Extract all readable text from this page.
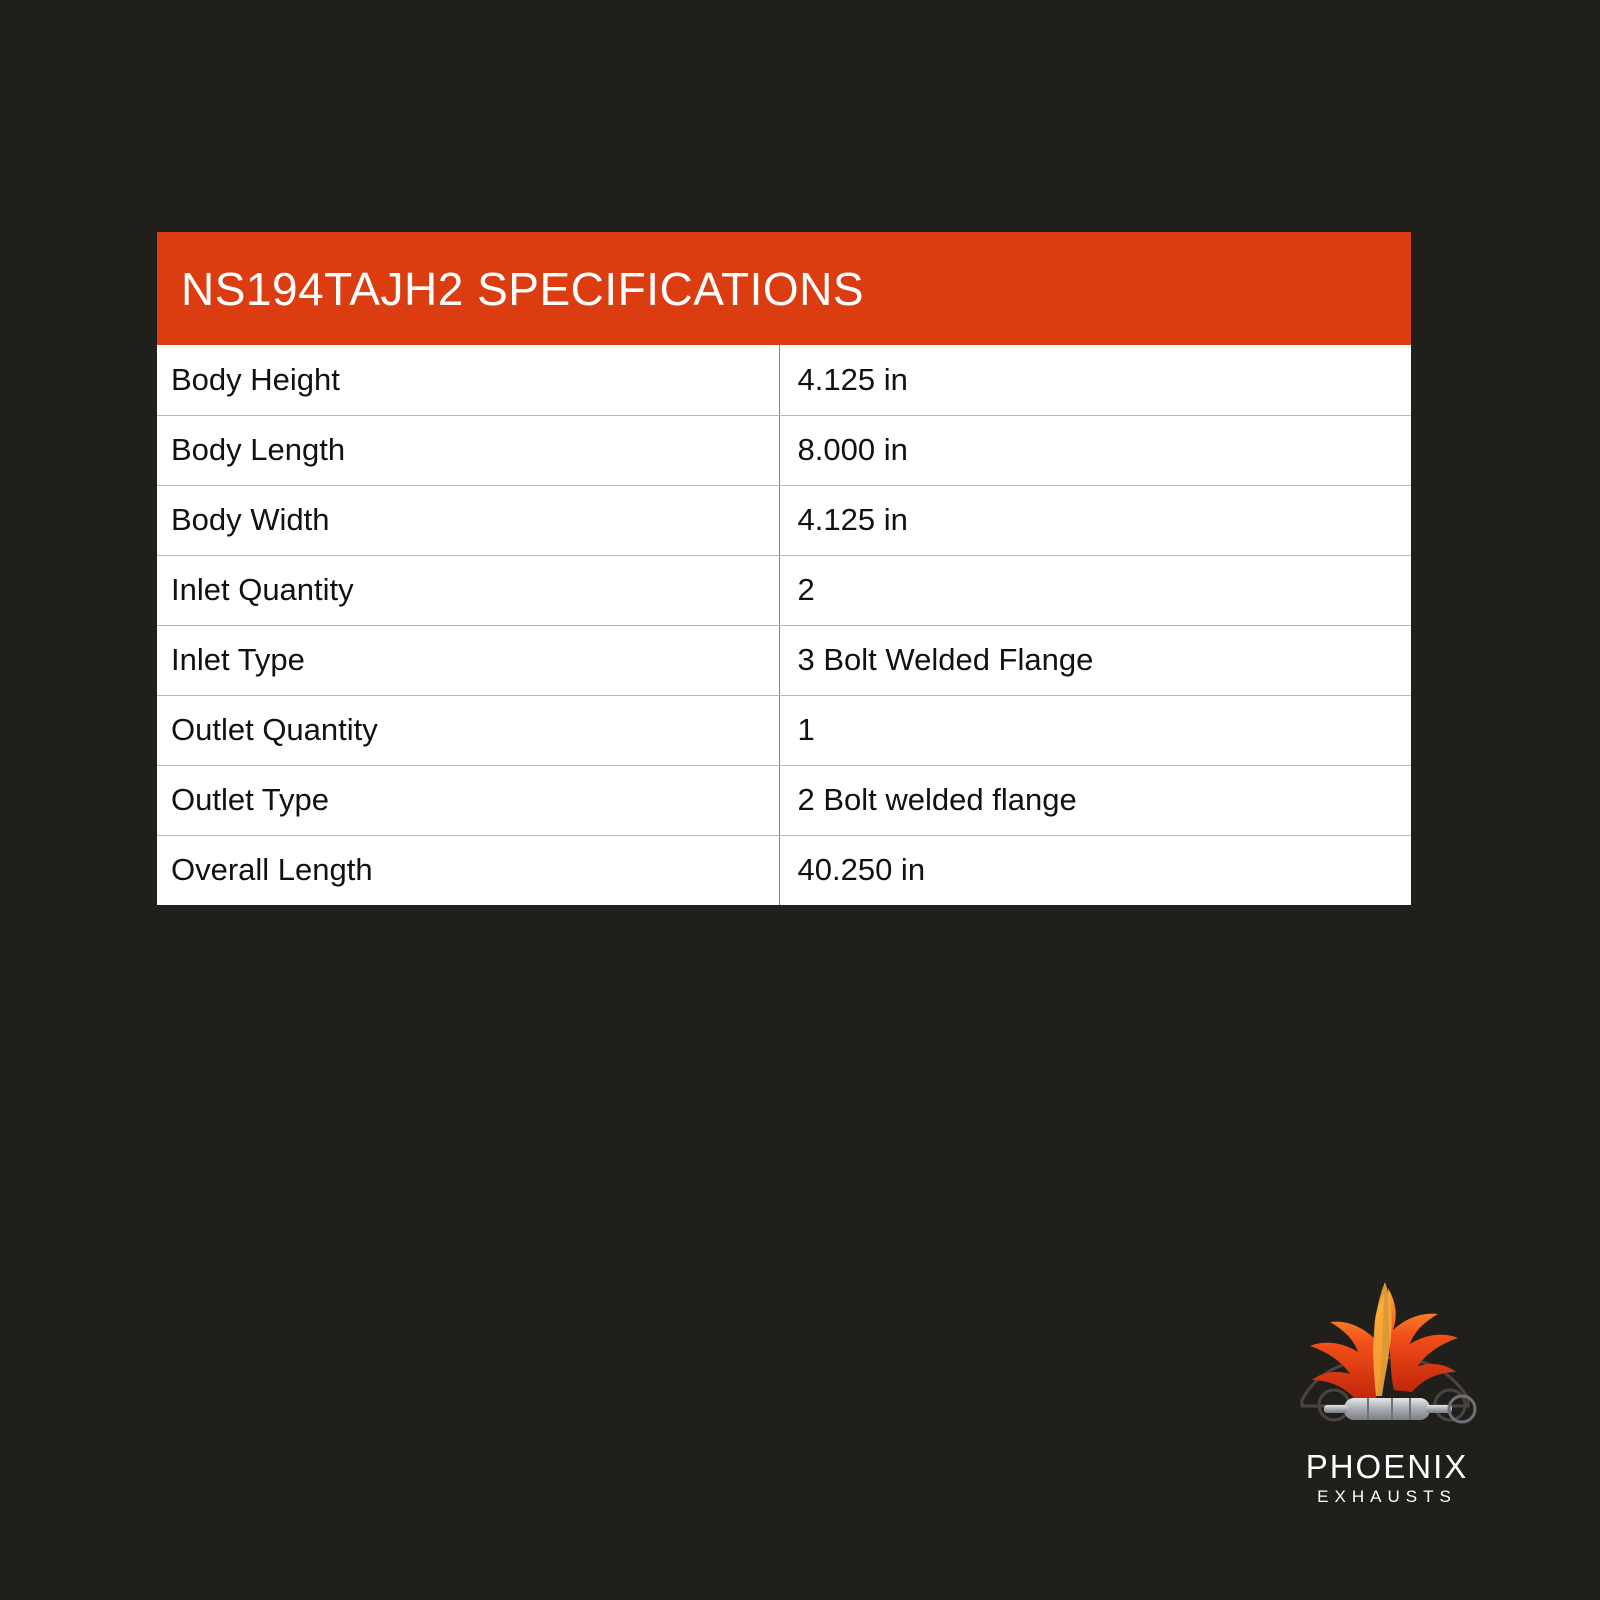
NS194TAJH2 SPECIFICATIONS
Body Height	4.125 in
Body Length	8.000 in
Body Width	4.125 in
Inlet Quantity	2
Inlet Type	3 Bolt Welded Flange
Outlet Quantity	1
Outlet Type	2 Bolt welded flange
Overall Length	40.250 in
PHOENIX
EXHAUSTS
